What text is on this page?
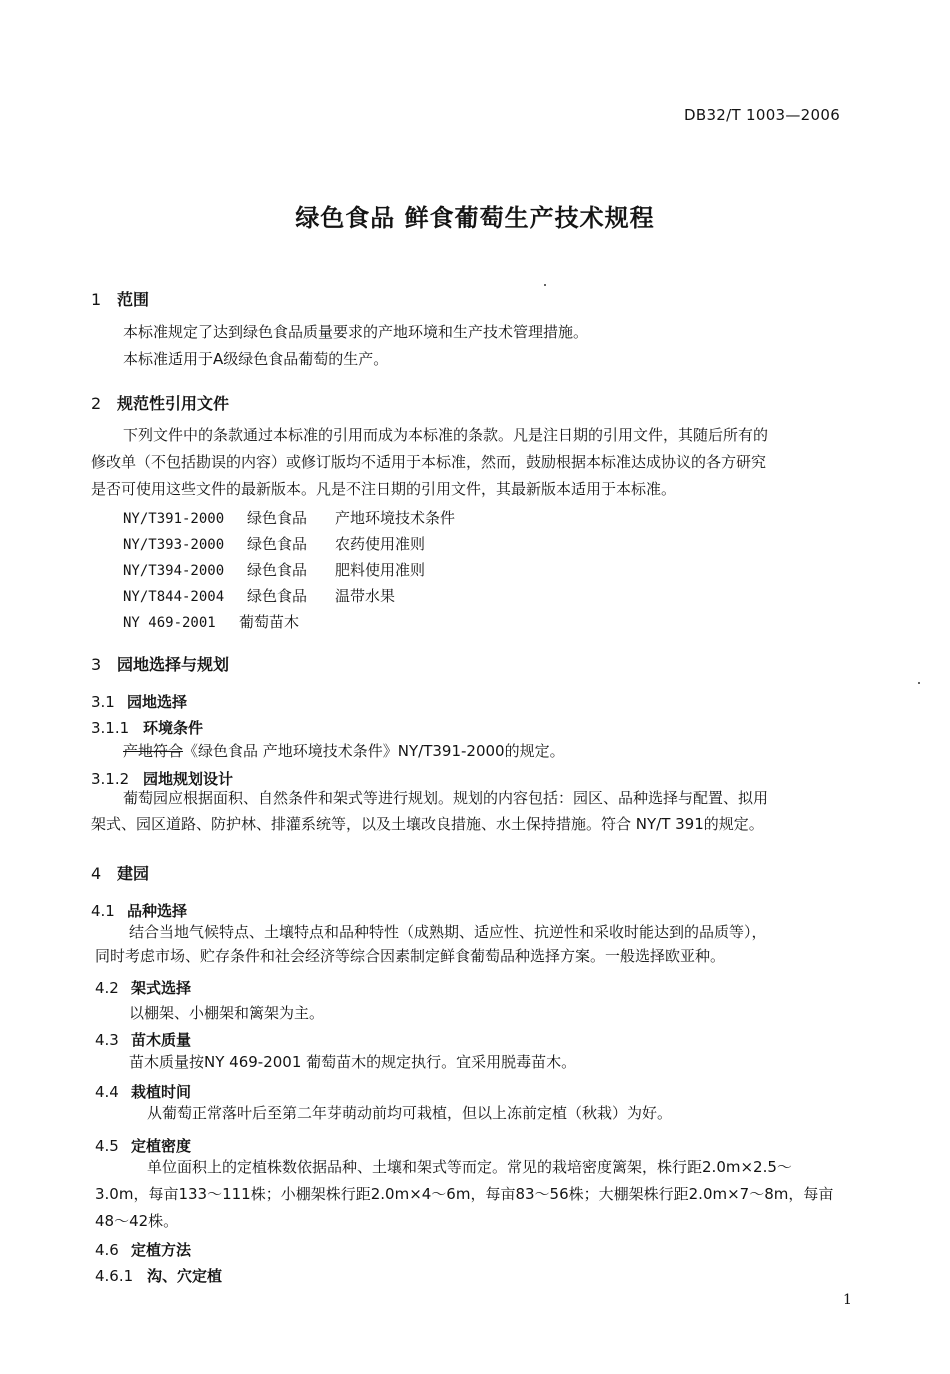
DB32/T 1003—2006
绿色食品 鲜食葡萄生产技术规程
1 范围
本标准规定了达到绿色食品质量要求的产地环境和生产技术管理措施。
本标准适用于A级绿色食品葡萄的生产。
2 规范性引用文件
下列文件中的条款通过本标准的引用而成为本标准的条款。凡是注日期的引用文件，其随后所有的
修改单（不包括勘误的内容）或修订版均不适用于本标准，然而，鼓励根据本标准达成协议的各方研究
是否可使用这些文件的最新版本。凡是不注日期的引用文件，其最新版本适用于本标准。
NY/T391-2000 绿色食品 产地环境技术条件
NY/T393-2000 绿色食品 农药使用准则
NY/T394-2000 绿色食品 肥料使用准则
NY/T844-2004 绿色食品 温带水果
NY 469-2001 葡萄苗木
3 园地选择与规划
3.1 园地选择
3.1.1 环境条件
产地符合《绿色食品 产地环境技术条件》NY/T391-2000的规定。
3.1.2 园地规划设计
葡萄园应根据面积、自然条件和架式等进行规划。规划的内容包括：园区、品种选择与配置、拟用
架式、园区道路、防护林、排灌系统等，以及土壤改良措施、水土保持措施。符合 NY/T 391的规定。
4 建园
4.1 品种选择
结合当地气候特点、土壤特点和品种特性（成熟期、适应性、抗逆性和采收时能达到的品质等），
同时考虑市场、贮存条件和社会经济等综合因素制定鲜食葡萄品种选择方案。一般选择欧亚种。
4.2 架式选择
以棚架、小棚架和篱架为主。
4.3 苗木质量
苗木质量按NY 469-2001 葡萄苗木的规定执行。宜采用脱毒苗木。
4.4 栽植时间
从葡萄正常落叶后至第二年芽萌动前均可栽植，但以上冻前定植（秋栽）为好。
4.5 定植密度
单位面积上的定植株数依据品种、土壤和架式等而定。常见的栽培密度篱架，株行距2.0m×2.5～
3.0m，每亩133～111株；小棚架株行距2.0m×4～6m，每亩83～56株；大棚架株行距2.0m×7～8m，每亩
48～42株。
4.6 定植方法
4.6.1 沟、穴定植
1
